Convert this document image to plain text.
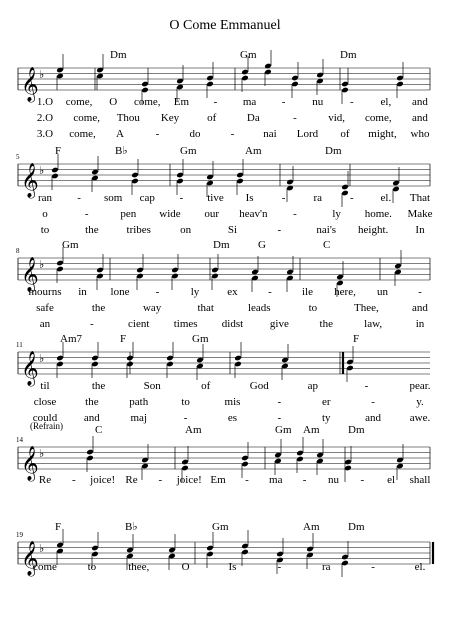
O Come Emmanuel
𝄞 ♭
Dm	Gm	Dm
1.O come, O come, Em - ma - nu - el, and
2.O come, Thou Key	of	Da	-	vid, come, and
3.O come, A	-	do	-	nai Lord of might, who
𝄞 ♭
5	F	B♭	Gm	Am	Dm
ran - som cap - tive Is	-	ra	- el. That
o	-	pen wide our heav'n -	ly home. Make
to	the	tribes	on	Si	-	nai's height. In
𝄞 ♭
8	Gm	Dm	G	C
mourns in lone -	ly	ex	-	ile here, un	-
safe	the	way	that	leads	to	Thee,	and
an	-	cient times didst give	the	law,	in
𝄞 ♭
11	Am7	F	Gm	F
til	the	Son	of	God	ap	-	pear.
close	the	path	to	mis	-	er	-	y.
could and	maj	-	es	-	ty	and	awe.
𝄞 ♭
14
(Refrain)	C	Am	Gm Am	Dm
Re - joice! Re - joice! Em - ma - nu - el shall
𝄞 ♭
19
F	B♭	Gm	Am	Dm
come	to	thee,	O	Is	-	ra	-	el.
